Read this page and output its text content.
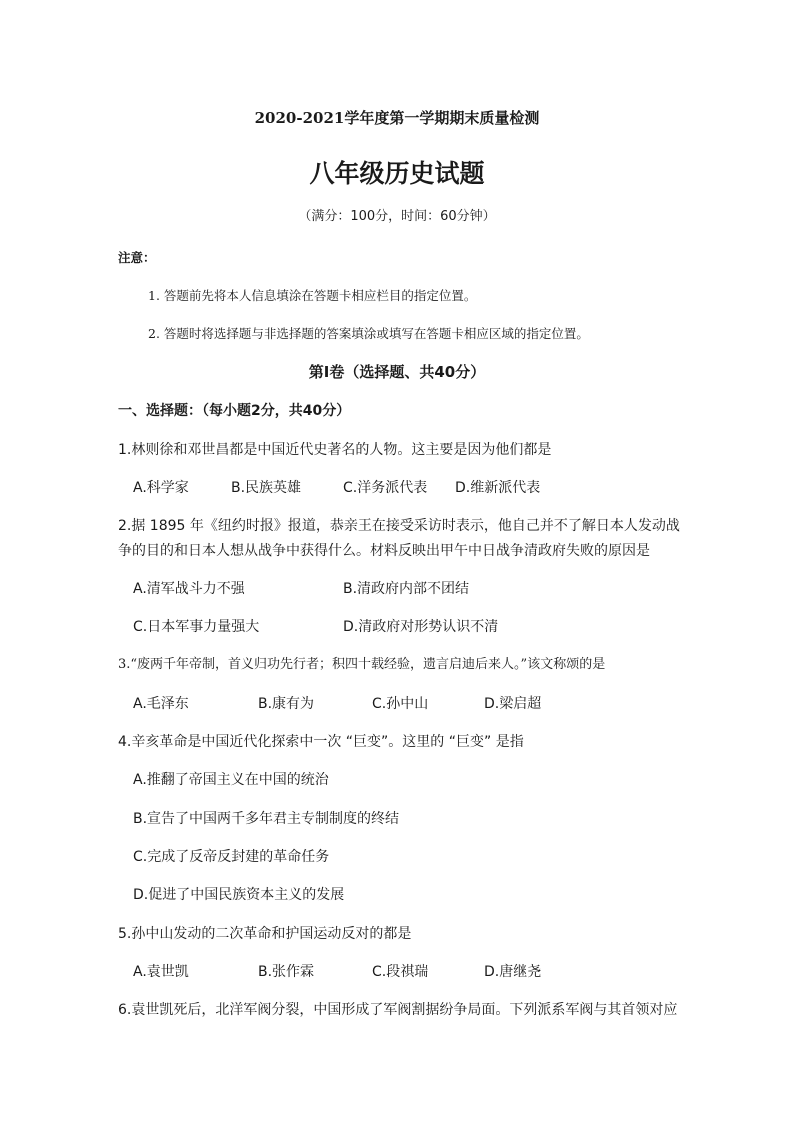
2020-2021学年度第一学期期末质量检测
八年级历史试题
（满分：100分，时间：60分钟）
注意：
1. 答题前先将本人信息填涂在答题卡相应栏目的指定位置。
2. 答题时将选择题与非选择题的答案填涂或填写在答题卡相应区域的指定位置。
第Ⅰ卷（选择题、共40分）
一、选择题：（每小题2分，共40分）
1.林则徐和邓世昌都是中国近代史著名的人物。这主要是因为他们都是
A.科学家	B.民族英雄	C.洋务派代表 D.维新派代表
2.据 1895 年《纽约时报》报道，恭亲王在接受采访时表示，他自己并不了解日本人发动战
争的目的和日本人想从战争中获得什么。材料反映出甲午中日战争清政府失败的原因是
A.清军战斗力不强	B.清政府内部不团结
C.日本军事力量强大	D.清政府对形势认识不清
3.“废两千年帝制，首义归功先行者；积四十载经验，遗言启迪后来人。”该文称颂的是
A.毛泽东	B.康有为	C.孙中山	D.梁启超
4.辛亥革命是中国近代化探索中一次 “巨变”。这里的 “巨变” 是指
A.推翻了帝国主义在中国的统治
B.宣告了中国两千多年君主专制制度的终结
C.完成了反帝反封建的革命任务
D.促进了中国民族资本主义的发展
5.孙中山发动的二次革命和护国运动反对的都是
A.袁世凯	B.张作霖	C.段祺瑞	D.唐继尧
6.袁世凯死后，北洋军阀分裂，中国形成了军阀割据纷争局面。下列派系军阀与其首领对应
